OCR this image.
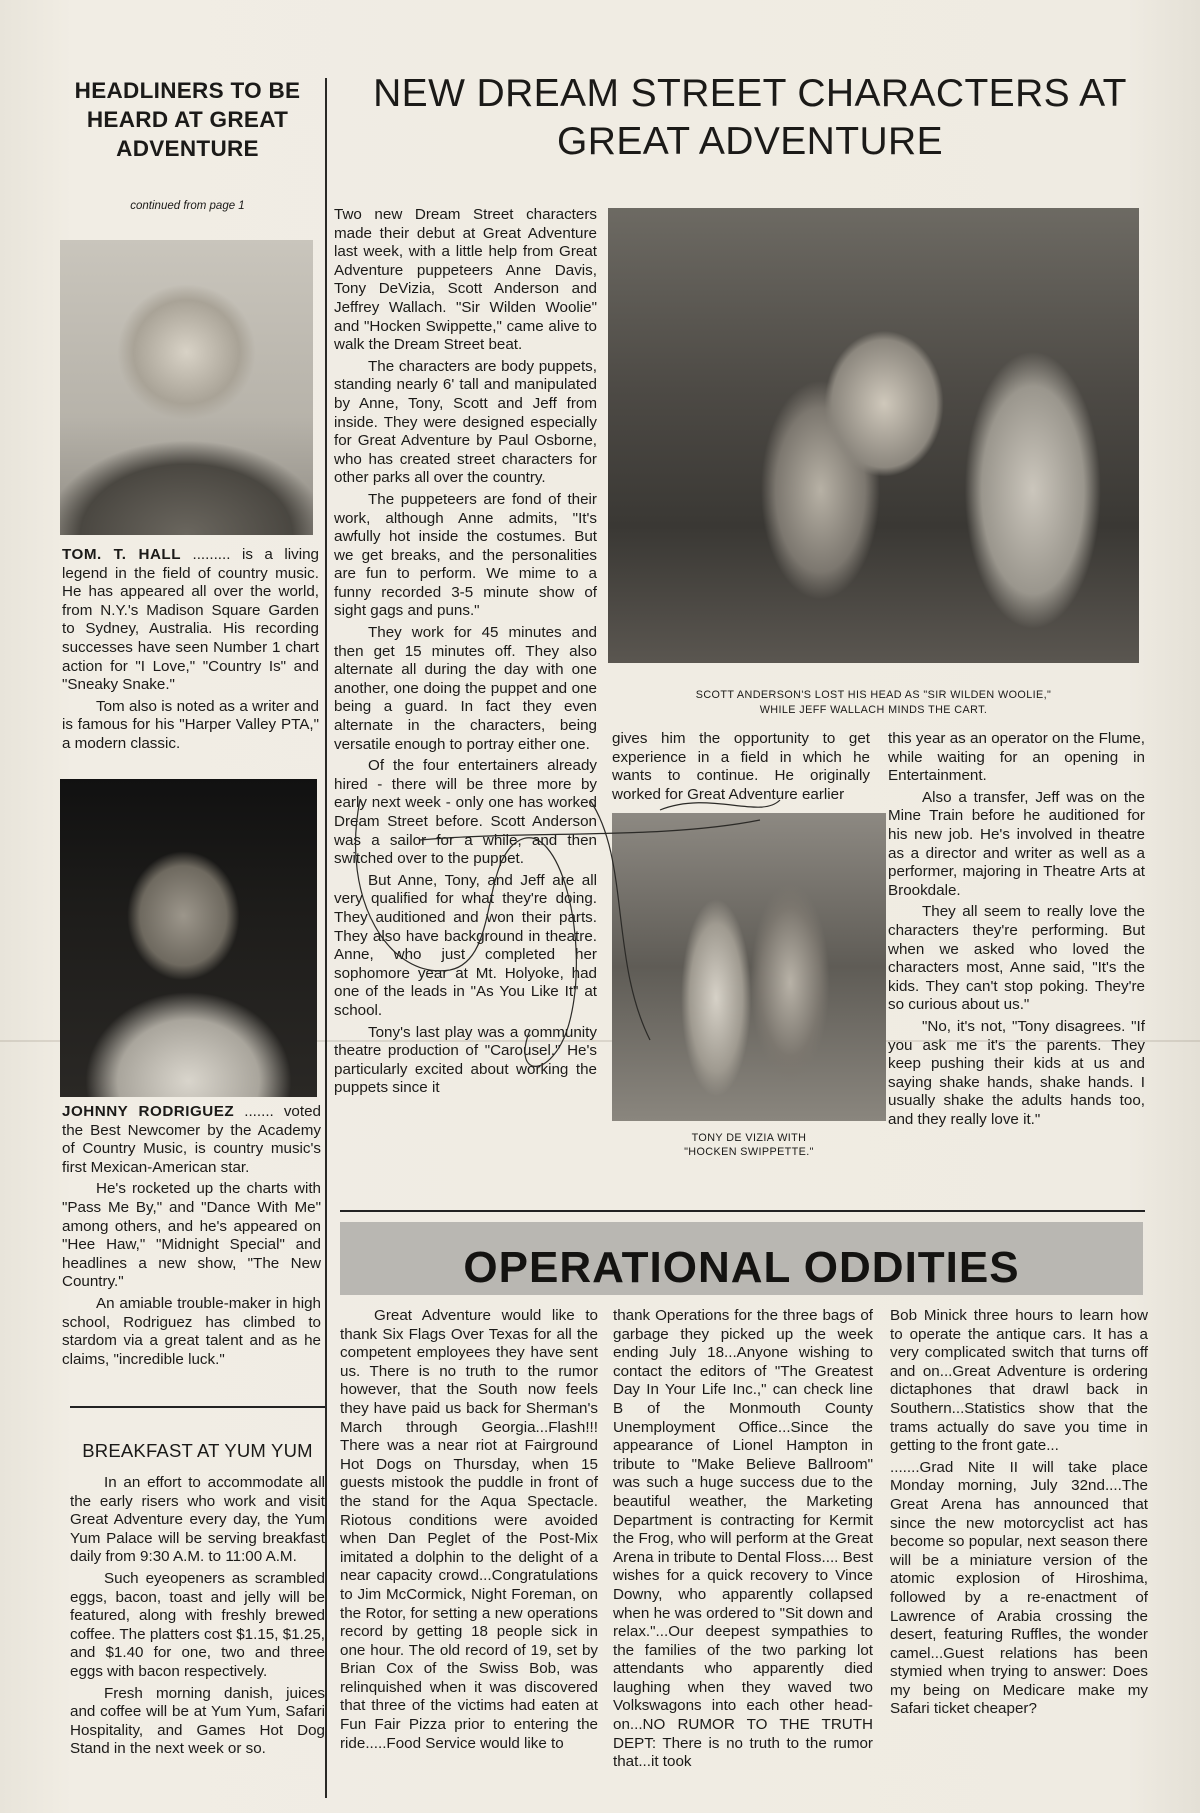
HEADLINERS TO BE HEARD AT GREAT ADVENTURE
continued from page 1

TOM. T. HALL ......... is a living legend in the field of country music. He has appeared all over the world, from N.Y.'s Madison Square Garden to Sydney, Australia. His recording successes have seen Number 1 chart action for "I Love," "Country Is" and "Sneaky Snake."

Tom also is noted as a writer and is famous for his "Harper Valley PTA," a modern classic.

JOHNNY RODRIGUEZ ....... voted the Best Newcomer by the Academy of Country Music, is country music's first Mexican-American star.

He's rocketed up the charts with "Pass Me By," and "Dance With Me" among others, and he's appeared on "Hee Haw," "Midnight Special" and headlines a new show, "The New Country."

An amiable trouble-maker in high school, Rodriguez has climbed to stardom via a great talent and as he claims, "incredible luck."

BREAKFAST AT YUM YUM

In an effort to accommodate all the early risers who work and visit Great Adventure every day, the Yum Yum Palace will be serving breakfast daily from 9:30 A.M. to 11:00 A.M.

Such eyeopeners as scrambled eggs, bacon, toast and jelly will be featured, along with freshly brewed coffee. The platters cost $1.15, $1.25, and $1.40 for one, two and three eggs with bacon respectively.

Fresh morning danish, juices and coffee will be at Yum Yum, Safari Hospitality, and Games Hot Dog Stand in the next week or so.

NEW DREAM STREET CHARACTERS AT GREAT ADVENTURE

Two new Dream Street characters made their debut at Great Adventure last week, with a little help from Great Adventure puppeteers Anne Davis, Tony DeVizia, Scott Anderson and Jeffrey Wallach. "Sir Wilden Woolie" and "Hocken Swippette," came alive to walk the Dream Street beat.

The characters are body puppets, standing nearly 6' tall and manipulated by Anne, Tony, Scott and Jeff from inside. They were designed especially for Great Adventure by Paul Osborne, who has created street characters for other parks all over the country.

The puppeteers are fond of their work, although Anne admits, "It's awfully hot inside the costumes. But we get breaks, and the personalities are fun to perform. We mime to a funny recorded 3-5 minute show of sight gags and puns."

They work for 45 minutes and then get 15 minutes off. They also alternate all during the day with one another, one doing the puppet and one being a guard. In fact they even alternate in the characters, being versatile enough to portray either one.

Of the four entertainers already hired - there will be three more by early next week - only one has worked Dream Street before. Scott Anderson was a sailor for a while, and then switched over to the puppet.

But Anne, Tony, and Jeff are all very qualified for what they're doing. They auditioned and won their parts. They also have background in theatre. Anne, who just completed her sophomore year at Mt. Holyoke, had one of the leads in "As You Like It" at school.

Tony's last play was a community theatre production of "Carousel." He's particularly excited about working the puppets since it

SCOTT ANDERSON'S LOST HIS HEAD AS "SIR WILDEN WOOLIE,"
WHILE JEFF WALLACH MINDS THE CART.

gives him the opportunity to get experience in a field in which he wants to continue. He originally worked for Great Adventure earlier

TONY DE VIZIA WITH
"HOCKEN SWIPPETTE."

this year as an operator on the Flume, while waiting for an opening in Entertainment.

Also a transfer, Jeff was on the Mine Train before he auditioned for his new job. He's involved in theatre as a director and writer as well as a performer, majoring in Theatre Arts at Brookdale.

They all seem to really love the characters they're performing. But when we asked who loved the characters most, Anne said, "It's the kids. They can't stop poking. They're so curious about us."

"No, it's not, "Tony disagrees. "If you ask me it's the parents. They keep pushing their kids at us and saying shake hands, shake hands. I usually shake the adults hands too, and they really love it."

OPERATIONAL ODDITIES

Great Adventure would like to thank Six Flags Over Texas for all the competent employees they have sent us. There is no truth to the rumor however, that the South now feels they have paid us back for Sherman's March through Georgia...Flash!!! There was a near riot at Fairground Hot Dogs on Thursday, when 15 guests mistook the puddle in front of the stand for the Aqua Spectacle. Riotous conditions were avoided when Dan Peglet of the Post-Mix imitated a dolphin to the delight of a near capacity crowd...Congratulations to Jim McCormick, Night Foreman, on the Rotor, for setting a new operations record by getting 18 people sick in one hour. The old record of 19, set by Brian Cox of the Swiss Bob, was relinquished when it was discovered that three of the victims had eaten at Fun Fair Pizza prior to entering the ride.....Food Service would like to

thank Operations for the three bags of garbage they picked up the week ending July 18...Anyone wishing to contact the editors of "The Greatest Day In Your Life Inc.," can check line B of the Monmouth County Unemployment Office...Since the appearance of Lionel Hampton in tribute to "Make Believe Ballroom" was such a huge success due to the beautiful weather, the Marketing Department is contracting for Kermit the Frog, who will perform at the Great Arena in tribute to Dental Floss.... Best wishes for a quick recovery to Vince Downy, who apparently collapsed when he was ordered to "Sit down and relax."...Our deepest sympathies to the families of the two parking lot attendants who apparently died laughing when they waved two Volkswagons into each other head-on...NO RUMOR TO THE TRUTH DEPT: There is no truth to the rumor that...it took

Bob Minick three hours to learn how to operate the antique cars. It has a very complicated switch that turns off and on...Great Adventure is ordering dictaphones that drawl back in Southern...Statistics show that the trams actually do save you time in getting to the front gate...

.......Grad Nite II will take place Monday morning, July 32nd....The Great Arena has announced that since the new motorcyclist act has become so popular, next season there will be a miniature version of the atomic explosion of Hiroshima, followed by a re-enactment of Lawrence of Arabia crossing the desert, featuring Ruffles, the wonder camel...Guest relations has been stymied when trying to answer: Does my being on Medicare make my Safari ticket cheaper?
